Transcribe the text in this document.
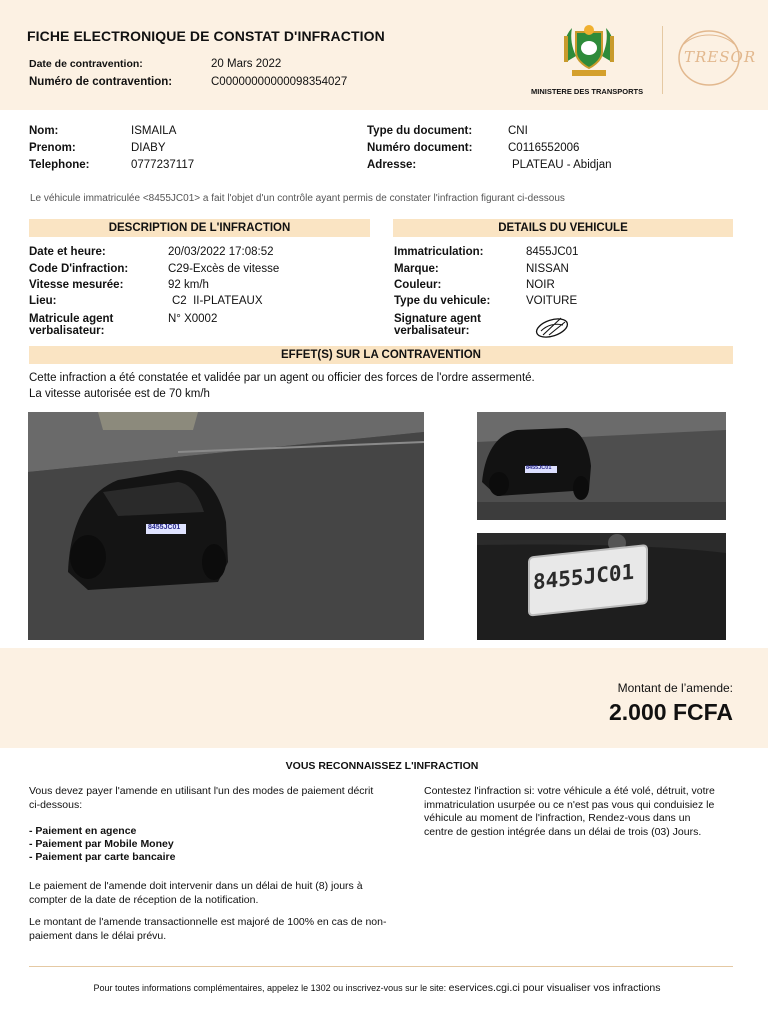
FICHE ELECTRONIQUE DE CONSTAT D'INFRACTION
Date de contravention:	20 Mars 2022
Numéro de contravention:	C00000000000098354027
MINISTERE DES TRANSPORTS
TRESOR
Nom:	ISMAILA
Prenom:	DIABY
Telephone:	0777237117
Type du document:	CNI
Numéro document:	C0116552006
Adresse:	PLATEAU - Abidjan
Le véhicule immatriculée <8455JC01> a fait l'objet d'un contrôle ayant permis de constater l'infraction figurant ci-dessous
DESCRIPTION DE L'INFRACTION	DETAILS DU VEHICULE
Date et heure:	20/03/2022 17:08:52
Code D'infraction:	C29-Excès de vitesse
Vitesse mesurée:	92 km/h
Lieu:	C2  II-PLATEAUX
Matricule agent
verbalisateur:
N° X0002
Immatriculation:	8455JC01
Marque:	NISSAN
Couleur:	NOIR
Type du vehicule:	VOITURE
Signature agent
verbalisateur:
EFFET(S) SUR LA CONTRAVENTION
Cette infraction a été constatée et validée par un agent ou officier des forces de l'ordre assermenté.
La vitesse autorisée est de 70 km/h
8455JC01
8455JC01
8455JC01
Montant de l’amende:
2.000 FCFA
VOUS RECONNAISSEZ L'INFRACTION
Vous devez payer l'amende en utilisant l'un des modes de paiement décrit ci-dessous:
- Paiement en agence
- Paiement par Mobile Money
- Paiement par carte bancaire
Le paiement de l'amende doit intervenir dans un délai de huit (8) jours à compter de la date de réception de la notification.
Le montant de l'amende transactionnelle est majoré de 100% en cas de non-paiement dans le délai prévu.
Contestez l'infraction si: votre véhicule a été volé, détruit, votre immatriculation usurpée ou ce n'est pas vous qui conduisiez le véhicule au moment de l'infraction, Rendez-vous dans un centre de gestion intégrée dans un délai de trois (03) Jours.
Pour toutes informations complémentaires, appelez le 1302 ou inscrivez-vous sur le site: eservices.cgi.ci pour visualiser vos infractions
